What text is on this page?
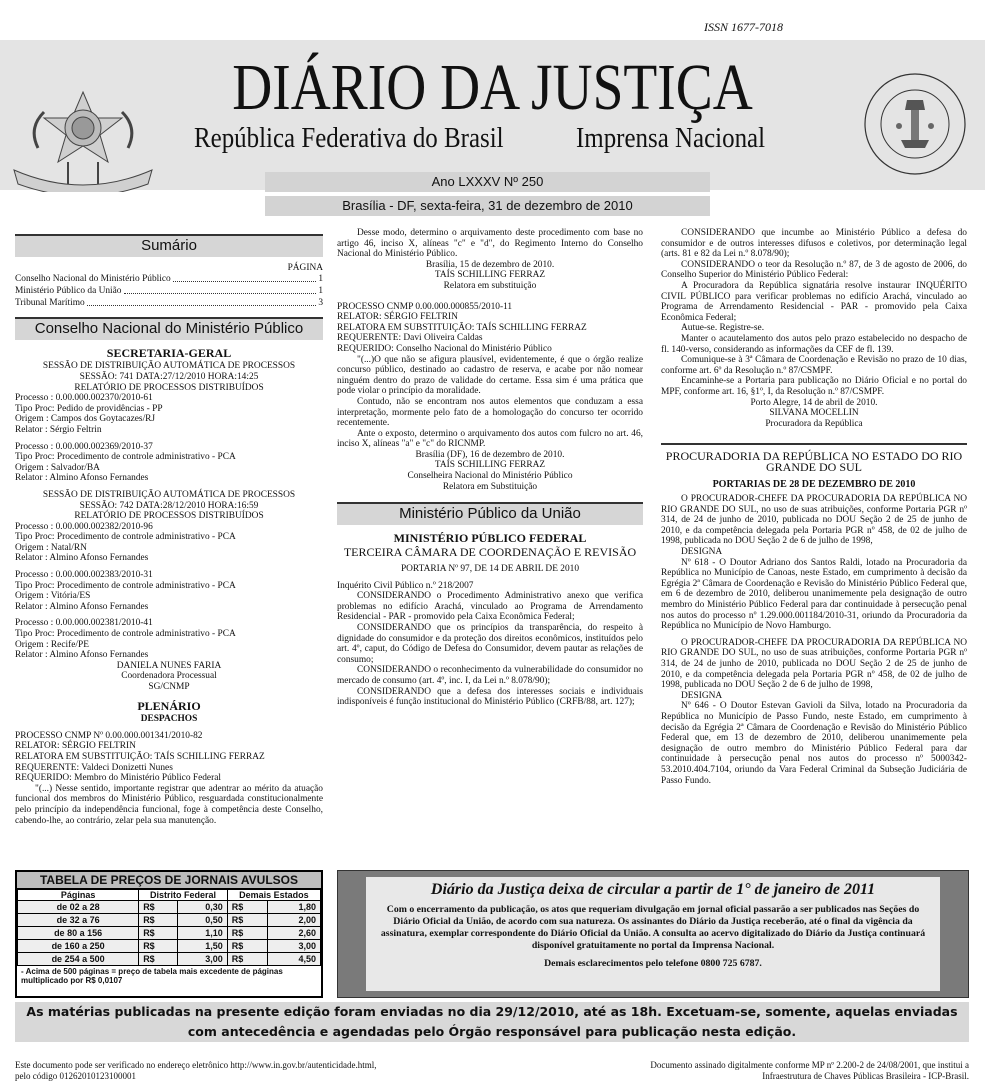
ISSN 1677-7018
DIÁRIO DA JUSTIÇA
República Federativa do Brasil Imprensa Nacional
Ano LXXXV Nº 250
Brasília - DF, sexta-feira, 31 de dezembro de 2010
Sumário
PÁGINA
Conselho Nacional do Ministério Público	1
Ministério Público da União	1
Tribunal Marítimo	3
Conselho Nacional do Ministério Público
SECRETARIA-GERAL

SESSÃO DE DISTRIBUIÇÃO AUTOMÁTICA DE PROCESSOS

SESSÃO: 741 DATA:27/12/2010 HORA:14:25

RELATÓRIO DE PROCESSOS DISTRIBUÍDOS

Processo : 0.00.000.002370/2010-61

Tipo Proc: Pedido de providências - PP

Origem : Campos dos Goytacazes/RJ

Relator : Sérgio Feltrin

Processo : 0.00.000.002369/2010-37

Tipo Proc: Procedimento de controle administrativo - PCA

Origem : Salvador/BA

Relator : Almino Afonso Fernandes

SESSÃO DE DISTRIBUIÇÃO AUTOMÁTICA DE PROCESSOS

SESSÃO: 742 DATA:28/12/2010 HORA:16:59

RELATÓRIO DE PROCESSOS DISTRIBUÍDOS

Processo : 0.00.000.002382/2010-96

Tipo Proc: Procedimento de controle administrativo - PCA

Origem : Natal/RN

Relator : Almino Afonso Fernandes

Processo : 0.00.000.002383/2010-31

Tipo Proc: Procedimento de controle administrativo - PCA

Origem : Vitória/ES

Relator : Almino Afonso Fernandes

Processo : 0.00.000.002381/2010-41

Tipo Proc: Procedimento de controle administrativo - PCA

Origem : Recife/PE

Relator : Almino Afonso Fernandes

DANIELA NUNES FARIA

Coordenadora Processual

SG/CNMP

PLENÁRIO

DESPACHOS

PROCESSO CNMP Nº 0.00.000.001341/2010-82

RELATOR: SÉRGIO FELTRIN

RELATORA EM SUBSTITUIÇÃO: TAÍS SCHILLING FERRAZ

REQUERENTE: Valdeci Donizetti Nunes

REQUERIDO: Membro do Ministério Público Federal

"(...) Nesse sentido, importante registrar que adentrar ao mérito da atuação funcional dos membros do Ministério Público, resguardada constitucionalmente pelo princípio da independência funcional, foge à competência deste Conselho, cabendo-lhe, ao contrário, zelar pela sua manutenção.

Desse modo, determino o arquivamento deste procedimento com base no artigo 46, inciso X, alíneas "c" e "d", do Regimento Interno do Conselho Nacional do Ministério Público.

Brasília, 15 de dezembro de 2010.

TAÍS SCHILLING FERRAZ

Relatora em substituição

PROCESSO CNMP 0.00.000.000855/2010-11

RELATOR: SÉRGIO FELTRIN

RELATORA EM SUBSTITUIÇÃO: TAÍS SCHILLING FERRAZ

REQUERENTE: Davi Oliveira Caldas

REQUERIDO: Conselho Nacional do Ministério Público

"(...)O que não se afigura plausível, evidentemente, é que o órgão realize concurso público, destinado ao cadastro de reserva, e acabe por não nomear ninguém dentro do prazo de validade do certame. Essa sim é uma prática que pode violar o princípio da moralidade.

Contudo, não se encontram nos autos elementos que conduzam a essa interpretação, mormente pelo fato de a homologação do concurso ter ocorrido recentemente.

Ante o exposto, determino o arquivamento dos autos com fulcro no art. 46, inciso X, alíneas "a" e "c" do RICNMP.

Brasília (DF), 16 de dezembro de 2010.

TAÍS SCHILLING FERRAZ

Conselheira Nacional do Ministério Público

Relatora em Substituição

Ministério Público da União
MINISTÉRIO PÚBLICO FEDERAL
TERCEIRA CÂMARA DE COORDENAÇÃO E REVISÃO

PORTARIA Nº 97, DE 14 DE ABRIL DE 2010

Inquérito Civil Público n.º 218/2007

CONSIDERANDO o Procedimento Administrativo anexo que verifica problemas no edifício Arachá, vinculado ao Programa de Arrendamento Residencial - PAR - promovido pela Caixa Econômica Federal;

CONSIDERANDO que os princípios da transparência, do respeito à dignidade do consumidor e da proteção dos direitos econômicos, instituídos pelo art. 4º, caput, do Código de Defesa do Consumidor, devem pautar as relações de consumo;

CONSIDERANDO o reconhecimento da vulnerabilidade do consumidor no mercado de consumo (art. 4º, inc. I, da Lei n.º 8.078/90);

CONSIDERANDO que a defesa dos interesses sociais e individuais indisponíveis é função institucional do Ministério Público (CRFB/88, art. 127);

CONSIDERANDO que incumbe ao Ministério Público a defesa do consumidor e de outros interesses difusos e coletivos, por determinação legal (arts. 81 e 82 da Lei n.º 8.078/90);

CONSIDERANDO o teor da Resolução n.º 87, de 3 de agosto de 2006, do Conselho Superior do Ministério Público Federal:

A Procuradora da República signatária resolve instaurar INQUÉRITO CIVIL PÚBLICO para verificar problemas no edifício Arachá, vinculado ao Programa de Arrendamento Residencial - PAR - promovido pela Caixa Econômica Federal;

Autue-se. Registre-se.

Manter o acautelamento dos autos pelo prazo estabelecido no despacho de fl. 140-verso, considerando as informações da CEF de fl. 139.

Comunique-se à 3ª Câmara de Coordenação e Revisão no prazo de 10 dias, conforme art. 6º da Resolução n.º 87/CSMPF.

Encaminhe-se a Portaria para publicação no Diário Oficial e no portal do MPF, conforme art. 16, §1º, I, da Resolução n.º 87/CSMPF.

Porto Alegre, 14 de abril de 2010.

SILVANA MOCELLIN

Procuradora da República

PROCURADORIA DA REPÚBLICA NO ESTADO DO RIO GRANDE DO SUL
PORTARIAS DE 28 DE DEZEMBRO DE 2010

O PROCURADOR-CHEFE DA PROCURADORIA DA REPÚBLICA NO RIO GRANDE DO SUL, no uso de suas atribuições, conforme Portaria PGR nº 314, de 24 de junho de 2010, publicada no DOU Seção 2 de 25 de junho de 2010, e da competência delegada pela Portaria PGR nº 458, de 02 de julho de 1998, publicada no DOU Seção 2 de 6 de julho de 1998,

DESIGNA

Nº 618 - O Doutor Adriano dos Santos Raldi, lotado na Procuradoria da República no Município de Canoas, neste Estado, em cumprimento à decisão da Egrégia 2ª Câmara de Coordenação e Revisão do Ministério Público Federal que, em 6 de dezembro de 2010, deliberou unanimemente pela designação de outro membro do Ministério Público Federal para dar continuidade à persecução penal nos autos do processo nº 1.29.000.001184/2010-31, oriundo da Procuradoria da República no Município de Novo Hamburgo.

O PROCURADOR-CHEFE DA PROCURADORIA DA REPÚBLICA NO RIO GRANDE DO SUL, no uso de suas atribuições, conforme Portaria PGR nº 314, de 24 de junho de 2010, publicada no DOU Seção 2 de 25 de junho de 2010, e da competência delegada pela Portaria PGR nº 458, de 02 de julho de 1998, publicada no DOU Seção 2 de 6 de julho de 1998,

DESIGNA

Nº 646 - O Doutor Estevan Gavioli da Silva, lotado na Procuradoria da República no Município de Passo Fundo, neste Estado, em cumprimento à decisão da Egrégia 2ª Câmara de Coordenação e Revisão do Ministério Público Federal que, em 13 de dezembro de 2010, deliberou unanimemente pela designação de outro membro do Ministério Público Federal para dar continuidade à persecução penal nos autos do processo nº 5000342-53.2010.404.7104, oriundo da Vara Federal Criminal da Subseção Judiciária de Passo Fundo.

TABELA DE PREÇOS DE JORNAIS AVULSOS
Páginas	Distrito Federal		Demais Estados	
de 02 a 28	R$	0,30	R$	1,80
de 32 a 76	R$	0,50	R$	2,00
de 80 a 156	R$	1,10	R$	2,60
de 160 a 250	R$	1,50	R$	3,00
de 254 a 500	R$	3,00	R$	4,50
- Acima de 500 páginas = preço de tabela mais excedente de páginas multiplicado por R$ 0,0107
Diário da Justiça deixa de circular a partir de 1° de janeiro de 2011
Com o encerramento da publicação, os atos que requeriam divulgação em jornal oficial passarão a ser publicados nas Seções do Diário Oficial da União, de acordo com sua natureza. Os assinantes do Diário da Justiça receberão, até o final da vigência da assinatura, exemplar correspondente do Diário Oficial da União. A consulta ao acervo digitalizado do Diário da Justiça continuará disponível gratuitamente no portal da Imprensa Nacional.
Demais esclarecimentos pelo telefone 0800 725 6787.
As matérias publicadas na presente edição foram enviadas no dia 29/12/2010, até as 18h. Excetuam-se, somente, aquelas enviadas com antecedência e agendadas pelo Órgão responsável para publicação nesta edição.
Este documento pode ser verificado no endereço eletrônico http://www.in.gov.br/autenticidade.html,
pelo código 01262010123100001
Documento assinado digitalmente conforme MP nº 2.200-2 de 24/08/2001, que institui a
Infraestrutura de Chaves Públicas Brasileira - ICP-Brasil.
